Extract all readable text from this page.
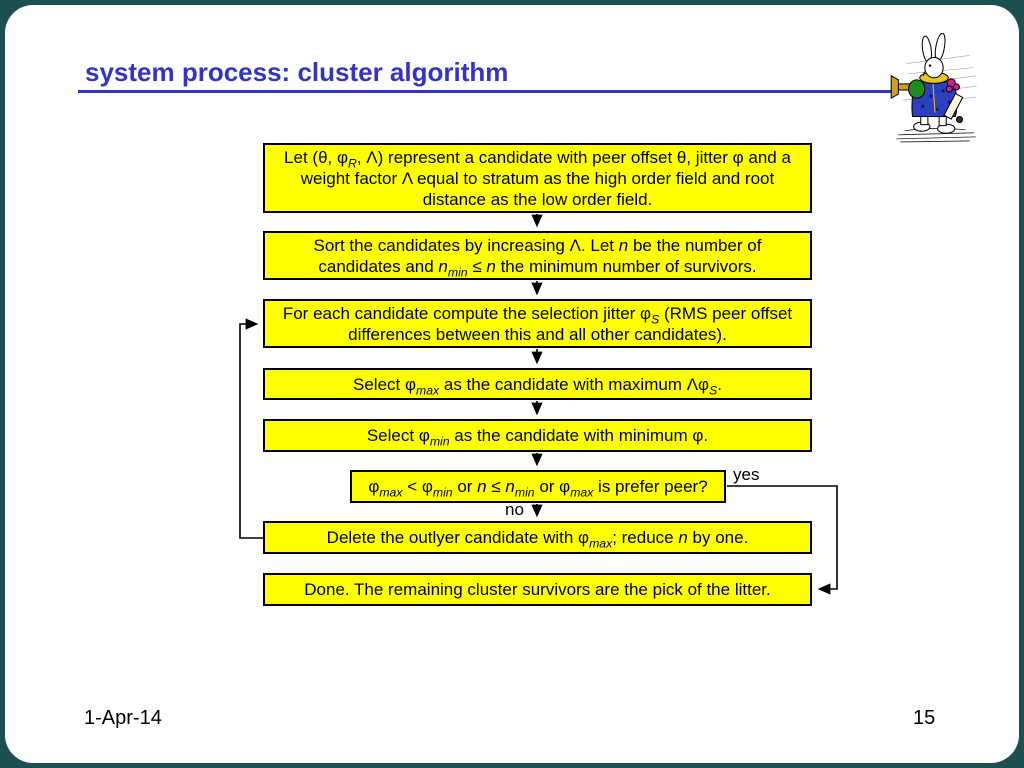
system process: cluster algorithm
Let (θ, $\varphi_R$, Λ) represent a candidate with peer offset θ, jitter φ and a weight factor Λ equal to stratum as the high order field and root distance as the low order field.
Sort the candidates by increasing Λ. Let n be the number of candidates and $n_{min} \le n$ the minimum number of survivors.
For each candidate compute the selection jitter $\varphi_S$ (RMS peer offset differences between this and all other candidates).
Select $\varphi_{max}$ as the candidate with maximum $\Lambda\varphi_S$.
Select $\varphi_{min}$ as the candidate with minimum φ.
$\varphi_{max} < \varphi_{min}$ or $n \le n_{min}$ or $\varphi_{max}$ is prefer peer?
Delete the outlyer candidate with $\varphi_{max}$; reduce n by one.
Done. The remaining cluster survivors are the pick of the litter.
yes
no
1-Apr-14	15
